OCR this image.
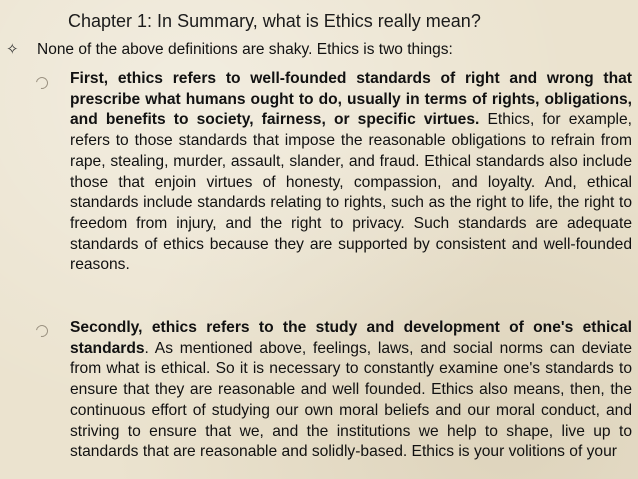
Chapter 1: In Summary, what is Ethics really mean?
✧ None of the above definitions are shaky. Ethics is two things:
First, ethics refers to well-founded standards of right and wrong that prescribe what humans ought to do, usually in terms of rights, obligations, and benefits to society, fairness, or specific virtues. Ethics, for example, refers to those standards that impose the reasonable obligations to refrain from rape, stealing, murder, assault, slander, and fraud. Ethical standards also include those that enjoin virtues of honesty, compassion, and loyalty. And, ethical standards include standards relating to rights, such as the right to life, the right to freedom from injury, and the right to privacy. Such standards are adequate standards of ethics because they are supported by consistent and well-founded reasons.
Secondly, ethics refers to the study and development of one's ethical standards. As mentioned above, feelings, laws, and social norms can deviate from what is ethical. So it is necessary to constantly examine one's standards to ensure that they are reasonable and well founded. Ethics also means, then, the continuous effort of studying our own moral beliefs and our moral conduct, and striving to ensure that we, and the institutions we help to shape, live up to standards that are reasonable and solidly-based. Ethics is your volitions of your
